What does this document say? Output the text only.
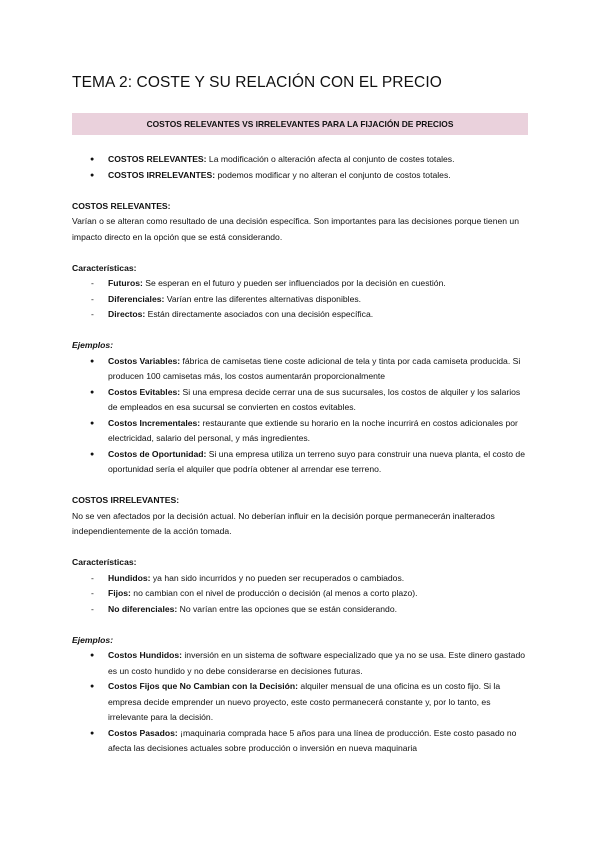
TEMA 2: COSTE Y SU RELACIÓN CON EL PRECIO
COSTOS RELEVANTES VS IRRELEVANTES PARA LA FIJACIÓN DE PRECIOS
● COSTOS RELEVANTES: La modificación o alteración afecta al conjunto de costes totales.
● COSTOS IRRELEVANTES: podemos modificar y no alteran el conjunto de costos totales.

COSTOS RELEVANTES:

Varían o se alteran como resultado de una decisión específica. Son importantes para las decisiones porque tienen un impacto directo en la opción que se está considerando.

Características:

- Futuros: Se esperan en el futuro y pueden ser influenciados por la decisión en cuestión.
- Diferenciales: Varían entre las diferentes alternativas disponibles.
- Directos: Están directamente asociados con una decisión específica.

Ejemplos:

● Costos Variables: fábrica de camisetas tiene coste adicional de tela y tinta por cada camiseta producida. Si producen 100 camisetas más, los costos aumentarán proporcionalmente
● Costos Evitables: Si una empresa decide cerrar una de sus sucursales, los costos de alquiler y los salarios de empleados en esa sucursal se convierten en costos evitables.
● Costos Incrementales: restaurante que extiende su horario en la noche incurrirá en costos adicionales por electricidad, salario del personal, y más ingredientes.
● Costos de Oportunidad: Si una empresa utiliza un terreno suyo para construir una nueva planta, el costo de oportunidad sería el alquiler que podría obtener al arrendar ese terreno.

COSTOS IRRELEVANTES:

No se ven afectados por la decisión actual. No deberían influir en la decisión porque permanecerán inalterados independientemente de la acción tomada.

Características:

- Hundidos: ya han sido incurridos y no pueden ser recuperados o cambiados.
- Fijos: no cambian con el nivel de producción o decisión (al menos a corto plazo).
- No diferenciales: No varían entre las opciones que se están considerando.

Ejemplos:

● Costos Hundidos: inversión en un sistema de software especializado que ya no se usa. Este dinero gastado es un costo hundido y no debe considerarse en decisiones futuras.
● Costos Fijos que No Cambian con la Decisión: alquiler mensual de una oficina es un costo fijo. Si la empresa decide emprender un nuevo proyecto, este costo permanecerá constante y, por lo tanto, es irrelevante para la decisión.
● Costos Pasados: ¡maquinaria comprada hace 5 años para una línea de producción. Este costo pasado no afecta las decisiones actuales sobre producción o inversión en nueva maquinaria
